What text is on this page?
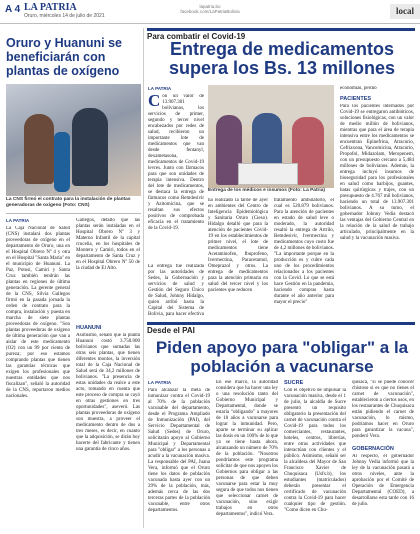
A 4 LA PATRIA
Oruro, miércoles 14 de julio de 2021
lapatria.bo
facebook.com/LaPatriaBolivia	local
Oruro y Huanuni se beneficiarán con plantas de oxígeno
La CNS firmó el contrato para la instalación de plantas generadoras de oxígeno (Foto: CNS)
LA PATRIA
La Caja Nacional de Salud (CNS) instalará dos plantas proveedoras de oxígeno en el departamento de Oruro, una en el Hospital Obrero Nº 4 y otra en el Hospital "Santa María" en el municipio de Huanuni. La Paz, Potosí, Camiri y Santa Cruz también tendrán las plantas en regiones de última generación. La gerente general de la CNS, Silvia Gallegos firmó en la pasada jornada la orden de contrato para la compra, instalación y puesta en marcha de siete plantas proveedoras de oxígeno. "Son plantas proveedoras de oxígeno de última generación que van a aislar de este medicamento (O2) con un 99 por ciento de pureza; por eso estamos comprando plantas que tienen las garantías técnicas que exigen los profesionales que nuestras entidades que nos fiscalizan", señaló la autoridad de la CNS, reportaron medios nacionales.
Gallegos, detalló que las plantas serán instaladas en el Hospital Obrero Nº 3 y Materno Infantil de la capital cruceña, en los hospitales de Montero y Camiri, todos en el departamento de Santa Cruz y en el Hospital Obrero Nº 50 de la ciudad de El Alto.
HUANUNI
Asimismo, señaló que la planta Huanuni costó 3.750.000 bolivianos que sumadas las otras seis plantas, que tienen diferentes montos, la inversión total de la Caja Nacional de Salud será de 34,2 millones de bolivianos. "La presencia de estas unidades da realce a este acto, tomando en cuenta que este proceso de compra se cayó en otras gestiones en tres oportunidades", aseveró. Las plantas proveedoras de oxígeno son muestra, a proveer el medicamento dentro de dos a tres meses, es decir, en cuanto que la adquisición, se dirán hoy hacerte del fabricante y tienen una garantía de cinco años.
Para combatir el Covid-19
Entrega de medicamentos supera los Bs. 13 millones
LA PATRIA
Con un valor de 13.907.301 bolivianos, los servicios de primer, segundo y tercer nivel encabezados por redes de salud, recibieron un importante lote de medicamentos que van desde fentanyl, dexametasona, medicamentos de Covid-19 levres. Junto con fármacos para que son unidades de terapia intensiva. Dentro del lote de medicamentos, se destaca la entrega de fármacos como Remdesivir y Azitomicina, que se resaltan sus efectos positivos de comprobada eficacia en el tratamiento de la Covid-19.
La entrega fue realizada por las autoridades de Sedes, la Gobernación y servicios de salud y Gestión del Seguro Único de Salud, Johnny Hidalgo, quien arribó hasta la Capital del Sistema de Bolivia, para hacer efectiva
Entrega de los médicos e insumos (Foto: La Patria)
ha realizado la tarde de ayer en ambientes del Centro de Inteligencia Epidemiológica y Sanitaria Oruro (Cieso). Hidalgo detalló que para la atención de pacientes Covid-19 en los establecimientos de primer nivel, el lote de medicamentos tiene Acetaminofen, Ibuprofeno, Ivermectina, Paracetamol, Omeprazol y otros. La entrega de medicamentos para la atención primaria en salud del tercer nivel y los pacientes que reducen
tratamiento ambulatorio, el cual es 520.879 bolivianos. Para la atención de pacientes en estado de salud leve o moderado, la autoridad resaltó la entrega de Artrilo, Bemdesivir, Ivermectina y medicamentos cuyo costo fue de 4,2 millones de bolivianos. "La importante porque en la producción es y cubre cada uno de los procedimientos relacionados a los pacientes con la Covid. Lo que se está hace Gestión en la pandemia, haciendo compras hasta durante el año anterior para mayor el precio"
economías, perdió
PACIENTES
Para los pacientes internados por Covid-19 se entregaron antibióticos, soluciones fisiológicas, con un valor de medio millón de bolivianos, mientras que para el área de terapia intensiva entre los medicamentos se encuentran Epinefrina, Atracurio, Cefriaxona, Vancomicina, Atracurio, Propofol, Midazolam, Meropenem, con un presupuesto cercano a 5,484 millones de bolivianos. Además, la entrega incluyó insumos de bioseguridad para los profesionales en salud como barbijos, guantes, batas quirúrgicas y trajes, con un presupuesto de 4.767 mil bolivianos, haciendo un total de 13.907.301 bolivianos. A su turno, el gobernador Johnny Vedia destacó las ventajas del Gobierno Central en la relación de la salud de trabajo articulado, principalmente en la salud y la vacunación masiva.
Desde el PAI
Piden apoyo para "obligar" a la población a vacunarse
LA PATRIA
Para alcanzar la meta de inmunizar contra el Covid-19 al 70% de la población vacunable del departamento, desde el Programa Ampliado de Inmunización (PAI), del Servicio Departamental de Salud (Sedes) de Oruro, solicitarán apoyo al Gobierno Municipal y Departamental para "obligar" a los personas a acudir a la vacunación masiva. La responsable del PAI, Juana Vera, informó que el Oruro tiene los datos de población vacunada hasta ayer con un 29% de la población, más, además cerca de las dos terceras partes de la población vacunable, entre otros departamentos.
En ese marco, la autoridad considera que ha hacer una ley o una resolución tanto del Gobierno Municipal y Departamental, donde se estaría "obligando" a mayores de 18 años a vacunarse para lograr la inmunidad. Pero, aparte se terminar su aplicar las dosis en un 100% de lo que ya se tiene hasta ahora, alcanzando un número de 70% de la población. "Nosotros pondríamos este programa solicitar de que nos apoyen los Gobiernos para obligar a las personas de que deben vacunarse para estar la muy segura de que todos nos tienen que seleccionar carnet de vacunación, sino exigir trabajos en otros departamentos", indicó Vera.
SUCRE
Con el objetivo de impulsar la vacunación masiva, desde el 1 de julio, la alcaldía de Sucre presentó un requisito obligatorio la presentación del carnet de vacunación contra el Covid-19 para todos los comerciantes, restaurantes, hoteles, centros, librerías, entre otras actividades que interactúan con clientes y el público. Asimismo, señaló ser la alcaldesa del Mayor de San Francisco Xavier de Chuquisaca (Usfx.b), los estudiantes (matriculados) deberán presentar el certificado de vacunación contra la Covid-19 para hacer cualquier tipo de gestión. "Como dicen en Chu-
quisaca, "si se puede conocer chistoso si es que no tienes el carnet de vacunación", establecieron a ciertos usos, en los restaurantes de Chuquisaca están pidiendo el carnet de vacunación, lo mismo, podríamos hacer en Oruro para garantizar la vacuna", ponderó Vera.
GOBERNACIÓN
Al respecto, el gobernador Johnny Vedia informó que la ley de la vacunación pasará a otros niveles, ante la aprobación por el Comité de Operación de Emergencia Departamental (COED), a desarrollarse esta tarde con 16 de julio.
